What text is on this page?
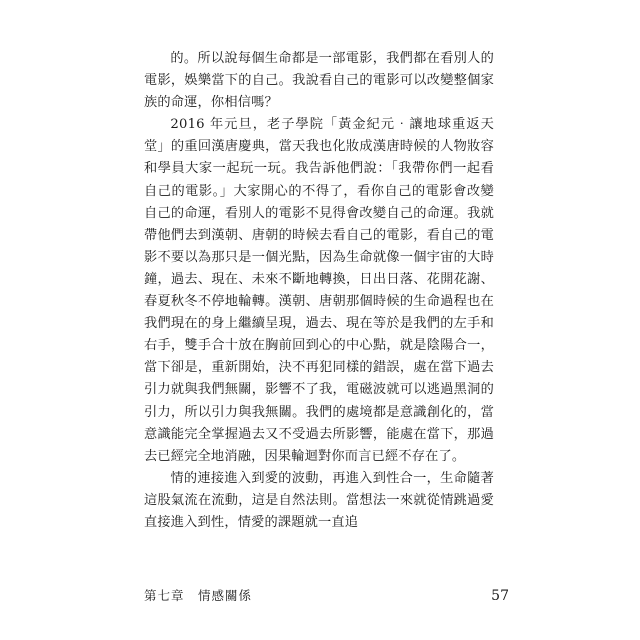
的。所以說每個生命都是一部電影，我們都在看別人的電影，娛樂當下的自己。我說看自己的電影可以改變整個家族的命運，你相信嗎？

2016 年元旦，老子學院「黃金紀元‧讓地球重返天堂」的重回漢唐慶典，當天我也化妝成漢唐時候的人物妝容和學員大家一起玩一玩。我告訴他們說：「我帶你們一起看自己的電影。」大家開心的不得了，看你自己的電影會改變自己的命運，看別人的電影不見得會改變自己的命運。我就帶他們去到漢朝、唐朝的時候去看自己的電影，看自己的電影不要以為那只是一個光點，因為生命就像一個宇宙的大時鐘，過去、現在、未來不斷地轉換，日出日落、花開花謝、春夏秋冬不停地輪轉。漢朝、唐朝那個時候的生命過程也在我們現在的身上繼續呈現，過去、現在等於是我們的左手和右手，雙手合十放在胸前回到心的中心點，就是陰陽合一，當下卻是，重新開始，決不再犯同樣的錯誤，處在當下過去引力就與我們無關，影響不了我，電磁波就可以逃過黑洞的引力，所以引力與我無關。我們的處境都是意識創化的，當意識能完全掌握過去又不受過去所影響，能處在當下，那過去已經完全地消融，因果輪迴對你而言已經不存在了。

情的連接進入到愛的波動，再進入到性合一，生命隨著這股氣流在流動，這是自然法則。當想法一來就從情跳過愛直接進入到性，情愛的課題就一直追

第七章　情感關係	57
